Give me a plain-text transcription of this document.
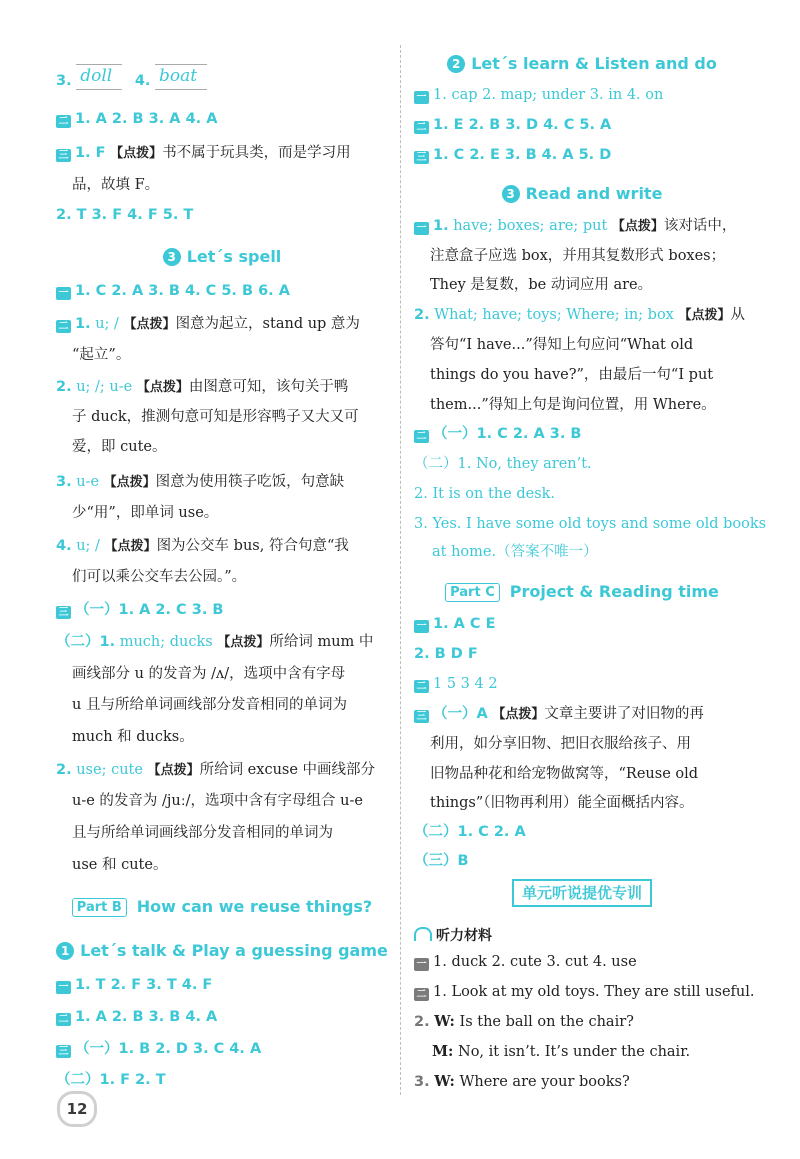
3. doll 4. boat
二 1. A 2. B 3. A 4. A
三 1. F 【点拨】书不属于玩具类，而是学习用
品，故填 F。
2. T 3. F 4. F 5. T
3 Let´s spell
一 1. C 2. A 3. B 4. C 5. B 6. A
二 1. u; / 【点拨】图意为起立，stand up 意为
“起立”。
2. u; /; u-e 【点拨】由图意可知，该句关于鸭
子 duck，推测句意可知是形容鸭子又大又可
爱，即 cute。
3. u-e 【点拨】图意为使用筷子吃饭，句意缺
少“用”，即单词 use。
4. u; / 【点拨】图为公交车 bus, 符合句意“我
们可以乘公交车去公园。”。
三 （一）1. A 2. C 3. B
（二）1. much; ducks 【点拨】所给词 mum 中
画线部分 u 的发音为 /ʌ/，选项中含有字母
u 且与所给单词画线部分发音相同的单词为
much 和 ducks。
2. use; cute 【点拨】所给词 excuse 中画线部分
u-e 的发音为 /juː/，选项中含有字母组合 u-e
且与所给单词画线部分发音相同的单词为
use 和 cute。
Part B How can we reuse things?
1 Let´s talk & Play a guessing game
一 1. T 2. F 3. T 4. F
二 1. A 2. B 3. B 4. A
三 （一）1. B 2. D 3. C 4. A
（二）1. F 2. T
2 Let´s learn & Listen and do
一 1. cap 2. map; under 3. in 4. on
二 1. E 2. B 3. D 4. C 5. A
三 1. C 2. E 3. B 4. A 5. D
3 Read and write
一 1. have; boxes; are; put 【点拨】该对话中，
注意盒子应选 box，并用其复数形式 boxes；
They 是复数，be 动词应用 are。
2. What; have; toys; Where; in; box 【点拨】从
答句“I have...”得知上句应问“What old
things do you have?”，由最后一句“I put
them...”得知上句是询问位置，用 Where。
二 （一）1. C 2. A 3. B
（二）1. No, they aren’t.
2. It is on the desk.
3. Yes. I have some old toys and some old books
at home.（答案不唯一）
Part C Project & Reading time
一 1. A C E
2. B D F
二 1 5 3 4 2
三 （一）A 【点拨】文章主要讲了对旧物的再
利用，如分享旧物、把旧衣服给孩子、用
旧物品种花和给宠物做窝等，“Reuse old
things”（旧物再利用）能全面概括内容。
（二）1. C 2. A
（三）B
单元听说提优专训
听力材料
一 1. duck 2. cute 3. cut 4. use
二 1. Look at my old toys. They are still useful.
2. W: Is the ball on the chair?
M: No, it isn’t. It’s under the chair.
3. W: Where are your books?
12
